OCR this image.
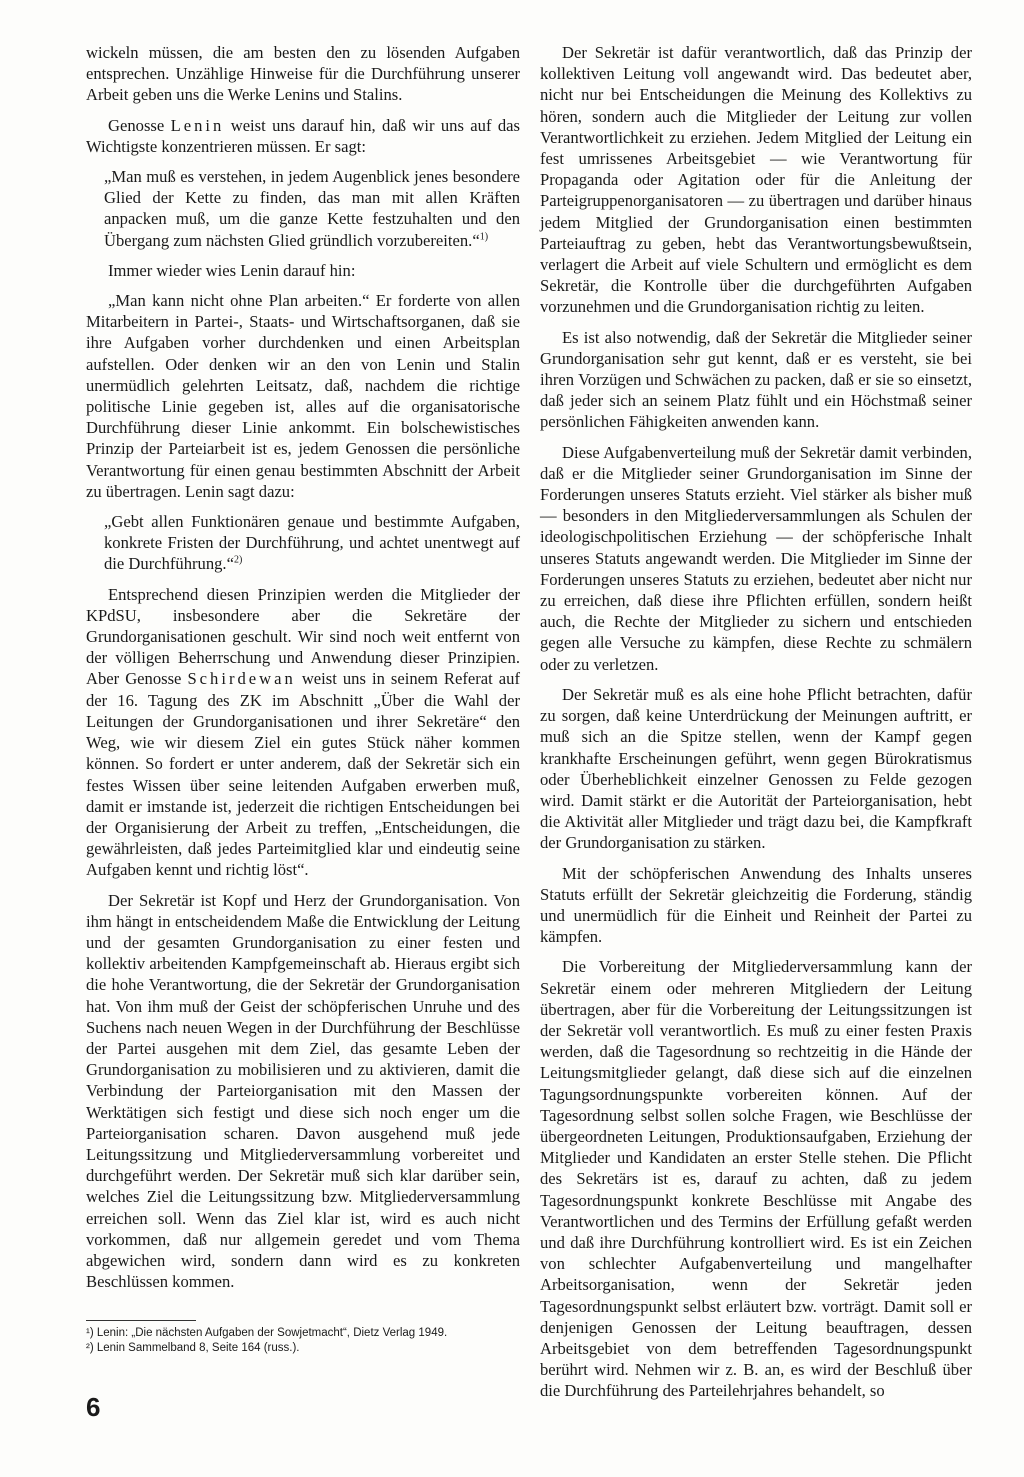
wickeln müssen, die am besten den zu lösenden Aufgaben entsprechen. Unzählige Hinweise für die Durchführung unserer Arbeit geben uns die Werke Lenins und Stalins.

Genosse Lenin weist uns darauf hin, daß wir uns auf das Wichtigste konzentrieren müssen. Er sagt:

„Man muß es verstehen, in jedem Augenblick jenes besondere Glied der Kette zu finden, das man mit allen Kräften anpacken muß, um die ganze Kette festzuhalten und den Übergang zum nächsten Glied gründlich vorzubereiten.“$^{1)}$

Immer wieder wies Lenin darauf hin:

„Man kann nicht ohne Plan arbeiten.“ Er forderte von allen Mitarbeitern in Partei-, Staats- und Wirtschaftsorganen, daß sie ihre Aufgaben vorher durchdenken und einen Arbeitsplan aufstellen. Oder denken wir an den von Lenin und Stalin unermüdlich gelehrten Leitsatz, daß, nachdem die richtige politische Linie gegeben ist, alles auf die organisatorische Durchführung dieser Linie ankommt. Ein bolschewistisches Prinzip der Parteiarbeit ist es, jedem Genossen die persönliche Verantwortung für einen genau bestimmten Abschnitt der Arbeit zu übertragen. Lenin sagt dazu:

„Gebt allen Funktionären genaue und bestimmte Aufgaben, konkrete Fristen der Durchführung, und achtet unentwegt auf die Durchführung.“$^{2)}$

Entsprechend diesen Prinzipien werden die Mitglieder der KPdSU, insbesondere aber die Sekretäre der Grundorganisationen geschult. Wir sind noch weit entfernt von der völligen Beherrschung und Anwendung dieser Prinzipien. Aber Genosse Schirdewan weist uns in seinem Referat auf der 16. Tagung des ZK im Abschnitt „Über die Wahl der Leitungen der Grundorganisationen und ihrer Sekretäre“ den Weg, wie wir diesem Ziel ein gutes Stück näher kommen können. So fordert er unter anderem, daß der Sekretär sich ein festes Wissen über seine leitenden Aufgaben erwerben muß, damit er imstande ist, jederzeit die richtigen Entscheidungen bei der Organisierung der Arbeit zu treffen, „Entscheidungen, die gewährleisten, daß jedes Parteimitglied klar und eindeutig seine Aufgaben kennt und richtig löst“.

Der Sekretär ist Kopf und Herz der Grundorganisation. Von ihm hängt in entscheidendem Maße die Entwicklung der Leitung und der gesamten Grundorganisation zu einer festen und kollektiv arbeitenden Kampfgemeinschaft ab. Hieraus ergibt sich die hohe Verantwortung, die der Sekretär der Grundorganisation hat. Von ihm muß der Geist der schöpferischen Unruhe und des Suchens nach neuen Wegen in der Durchführung der Beschlüsse der Partei ausgehen mit dem Ziel, das gesamte Leben der Grundorganisation zu mobilisieren und zu aktivieren, damit die Verbindung der Parteiorganisation mit den Massen der Werktätigen sich festigt und diese sich noch enger um die Parteiorganisation scharen. Davon ausgehend muß jede Leitungssitzung und Mitgliederversammlung vorbereitet und durchgeführt werden. Der Sekretär muß sich klar darüber sein, welches Ziel die Leitungssitzung bzw. Mitgliederversammlung erreichen soll. Wenn das Ziel klar ist, wird es auch nicht vorkommen, daß nur allgemein geredet und vom Thema abgewichen wird, sondern dann wird es zu konkreten Beschlüssen kommen.

¹) Lenin: „Die nächsten Aufgaben der Sowjetmacht“, Dietz Verlag 1949.

²) Lenin Sammelband 8, Seite 164 (russ.).

6

Der Sekretär ist dafür verantwortlich, daß das Prinzip der kollektiven Leitung voll angewandt wird. Das bedeutet aber, nicht nur bei Entscheidungen die Meinung des Kollektivs zu hören, sondern auch die Mitglieder der Leitung zur vollen Verantwortlichkeit zu erziehen. Jedem Mitglied der Leitung ein fest umrissenes Arbeitsgebiet — wie Verantwortung für Propaganda oder Agitation oder für die Anleitung der Parteigruppenorganisatoren — zu übertragen und darüber hinaus jedem Mitglied der Grundorganisation einen bestimmten Parteiauftrag zu geben, hebt das Verantwortungsbewußtsein, verlagert die Arbeit auf viele Schultern und ermöglicht es dem Sekretär, die Kontrolle über die durchgeführten Aufgaben vorzunehmen und die Grundorganisation richtig zu leiten.

Es ist also notwendig, daß der Sekretär die Mitglieder seiner Grundorganisation sehr gut kennt, daß er es versteht, sie bei ihren Vorzügen und Schwächen zu packen, daß er sie so einsetzt, daß jeder sich an seinem Platz fühlt und ein Höchstmaß seiner persönlichen Fähigkeiten anwenden kann.

Diese Aufgabenverteilung muß der Sekretär damit verbinden, daß er die Mitglieder seiner Grundorganisation im Sinne der Forderungen unseres Statuts erzieht. Viel stärker als bisher muß — besonders in den Mitgliederversammlungen als Schulen der ideologischpolitischen Erziehung — der schöpferische Inhalt unseres Statuts angewandt werden. Die Mitglieder im Sinne der Forderungen unseres Statuts zu erziehen, bedeutet aber nicht nur zu erreichen, daß diese ihre Pflichten erfüllen, sondern heißt auch, die Rechte der Mitglieder zu sichern und entschieden gegen alle Versuche zu kämpfen, diese Rechte zu schmälern oder zu verletzen.

Der Sekretär muß es als eine hohe Pflicht betrachten, dafür zu sorgen, daß keine Unterdrückung der Meinungen auftritt, er muß sich an die Spitze stellen, wenn der Kampf gegen krankhafte Erscheinungen geführt, wenn gegen Bürokratismus oder Überheblichkeit einzelner Genossen zu Felde gezogen wird. Damit stärkt er die Autorität der Parteiorganisation, hebt die Aktivität aller Mitglieder und trägt dazu bei, die Kampfkraft der Grundorganisation zu stärken.

Mit der schöpferischen Anwendung des Inhalts unseres Statuts erfüllt der Sekretär gleichzeitig die Forderung, ständig und unermüdlich für die Einheit und Reinheit der Partei zu kämpfen.

Die Vorbereitung der Mitgliederversammlung kann der Sekretär einem oder mehreren Mitgliedern der Leitung übertragen, aber für die Vorbereitung der Leitungssitzungen ist der Sekretär voll verantwortlich. Es muß zu einer festen Praxis werden, daß die Tagesordnung so rechtzeitig in die Hände der Leitungsmitglieder gelangt, daß diese sich auf die einzelnen Tagungsordnungspunkte vorbereiten können. Auf der Tagesordnung selbst sollen solche Fragen, wie Beschlüsse der übergeordneten Leitungen, Produktionsaufgaben, Erziehung der Mitglieder und Kandidaten an erster Stelle stehen. Die Pflicht des Sekretärs ist es, darauf zu achten, daß zu jedem Tagesordnungspunkt konkrete Beschlüsse mit Angabe des Verantwortlichen und des Termins der Erfüllung gefaßt werden und daß ihre Durchführung kontrolliert wird. Es ist ein Zeichen von schlechter Aufgabenverteilung und mangelhafter Arbeitsorganisation, wenn der Sekretär jeden Tagesordnungspunkt selbst erläutert bzw. vorträgt. Damit soll er denjenigen Genossen der Leitung beauftragen, dessen Arbeitsgebiet von dem betreffenden Tagesordnungspunkt berührt wird. Nehmen wir z. B. an, es wird der Beschluß über die Durchführung des Parteilehrjahres behandelt, so
